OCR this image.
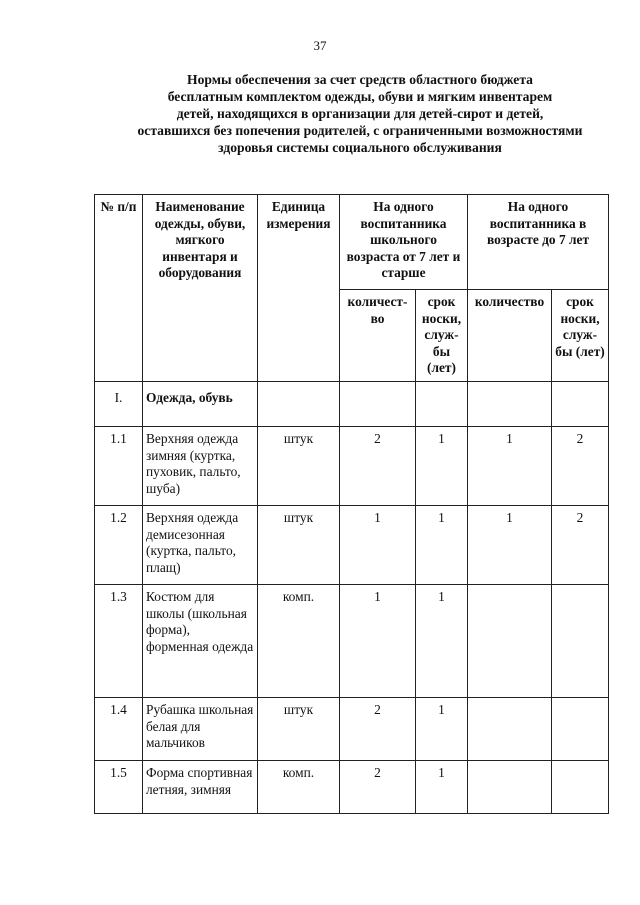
37
Нормы обеспечения за счет средств областного бюджета
бесплатным комплектом одежды, обуви и мягким инвентарем
детей, находящихся в организации для детей-сирот и детей,
оставшихся без попечения родителей, с ограниченными возможностями
здоровья системы социального обслуживания
№ п/п	Наименование одежды, обуви, мягкого инвентаря и оборудования	Единица измерения	На одного воспитанника школьного возраста от 7 лет и старше		На одного воспитанника в возрасте до 7 лет	
			количест-во	срок носки, служ-бы (лет)	количество	срок носки, служ-бы (лет)
I.	Одежда, обувь					
1.1	Верхняя одежда зимняя (куртка, пуховик, пальто, шуба)	штук	2	1	1	2
1.2	Верхняя одежда демисезонная (куртка, пальто, плащ)	штук	1	1	1	2
1.3	Костюм для школы (школьная форма), форменная одежда	комп.	1	1		
1.4	Рубашка школьная белая для мальчиков	штук	2	1		
1.5	Форма спортивная летняя, зимняя	комп.	2	1		
